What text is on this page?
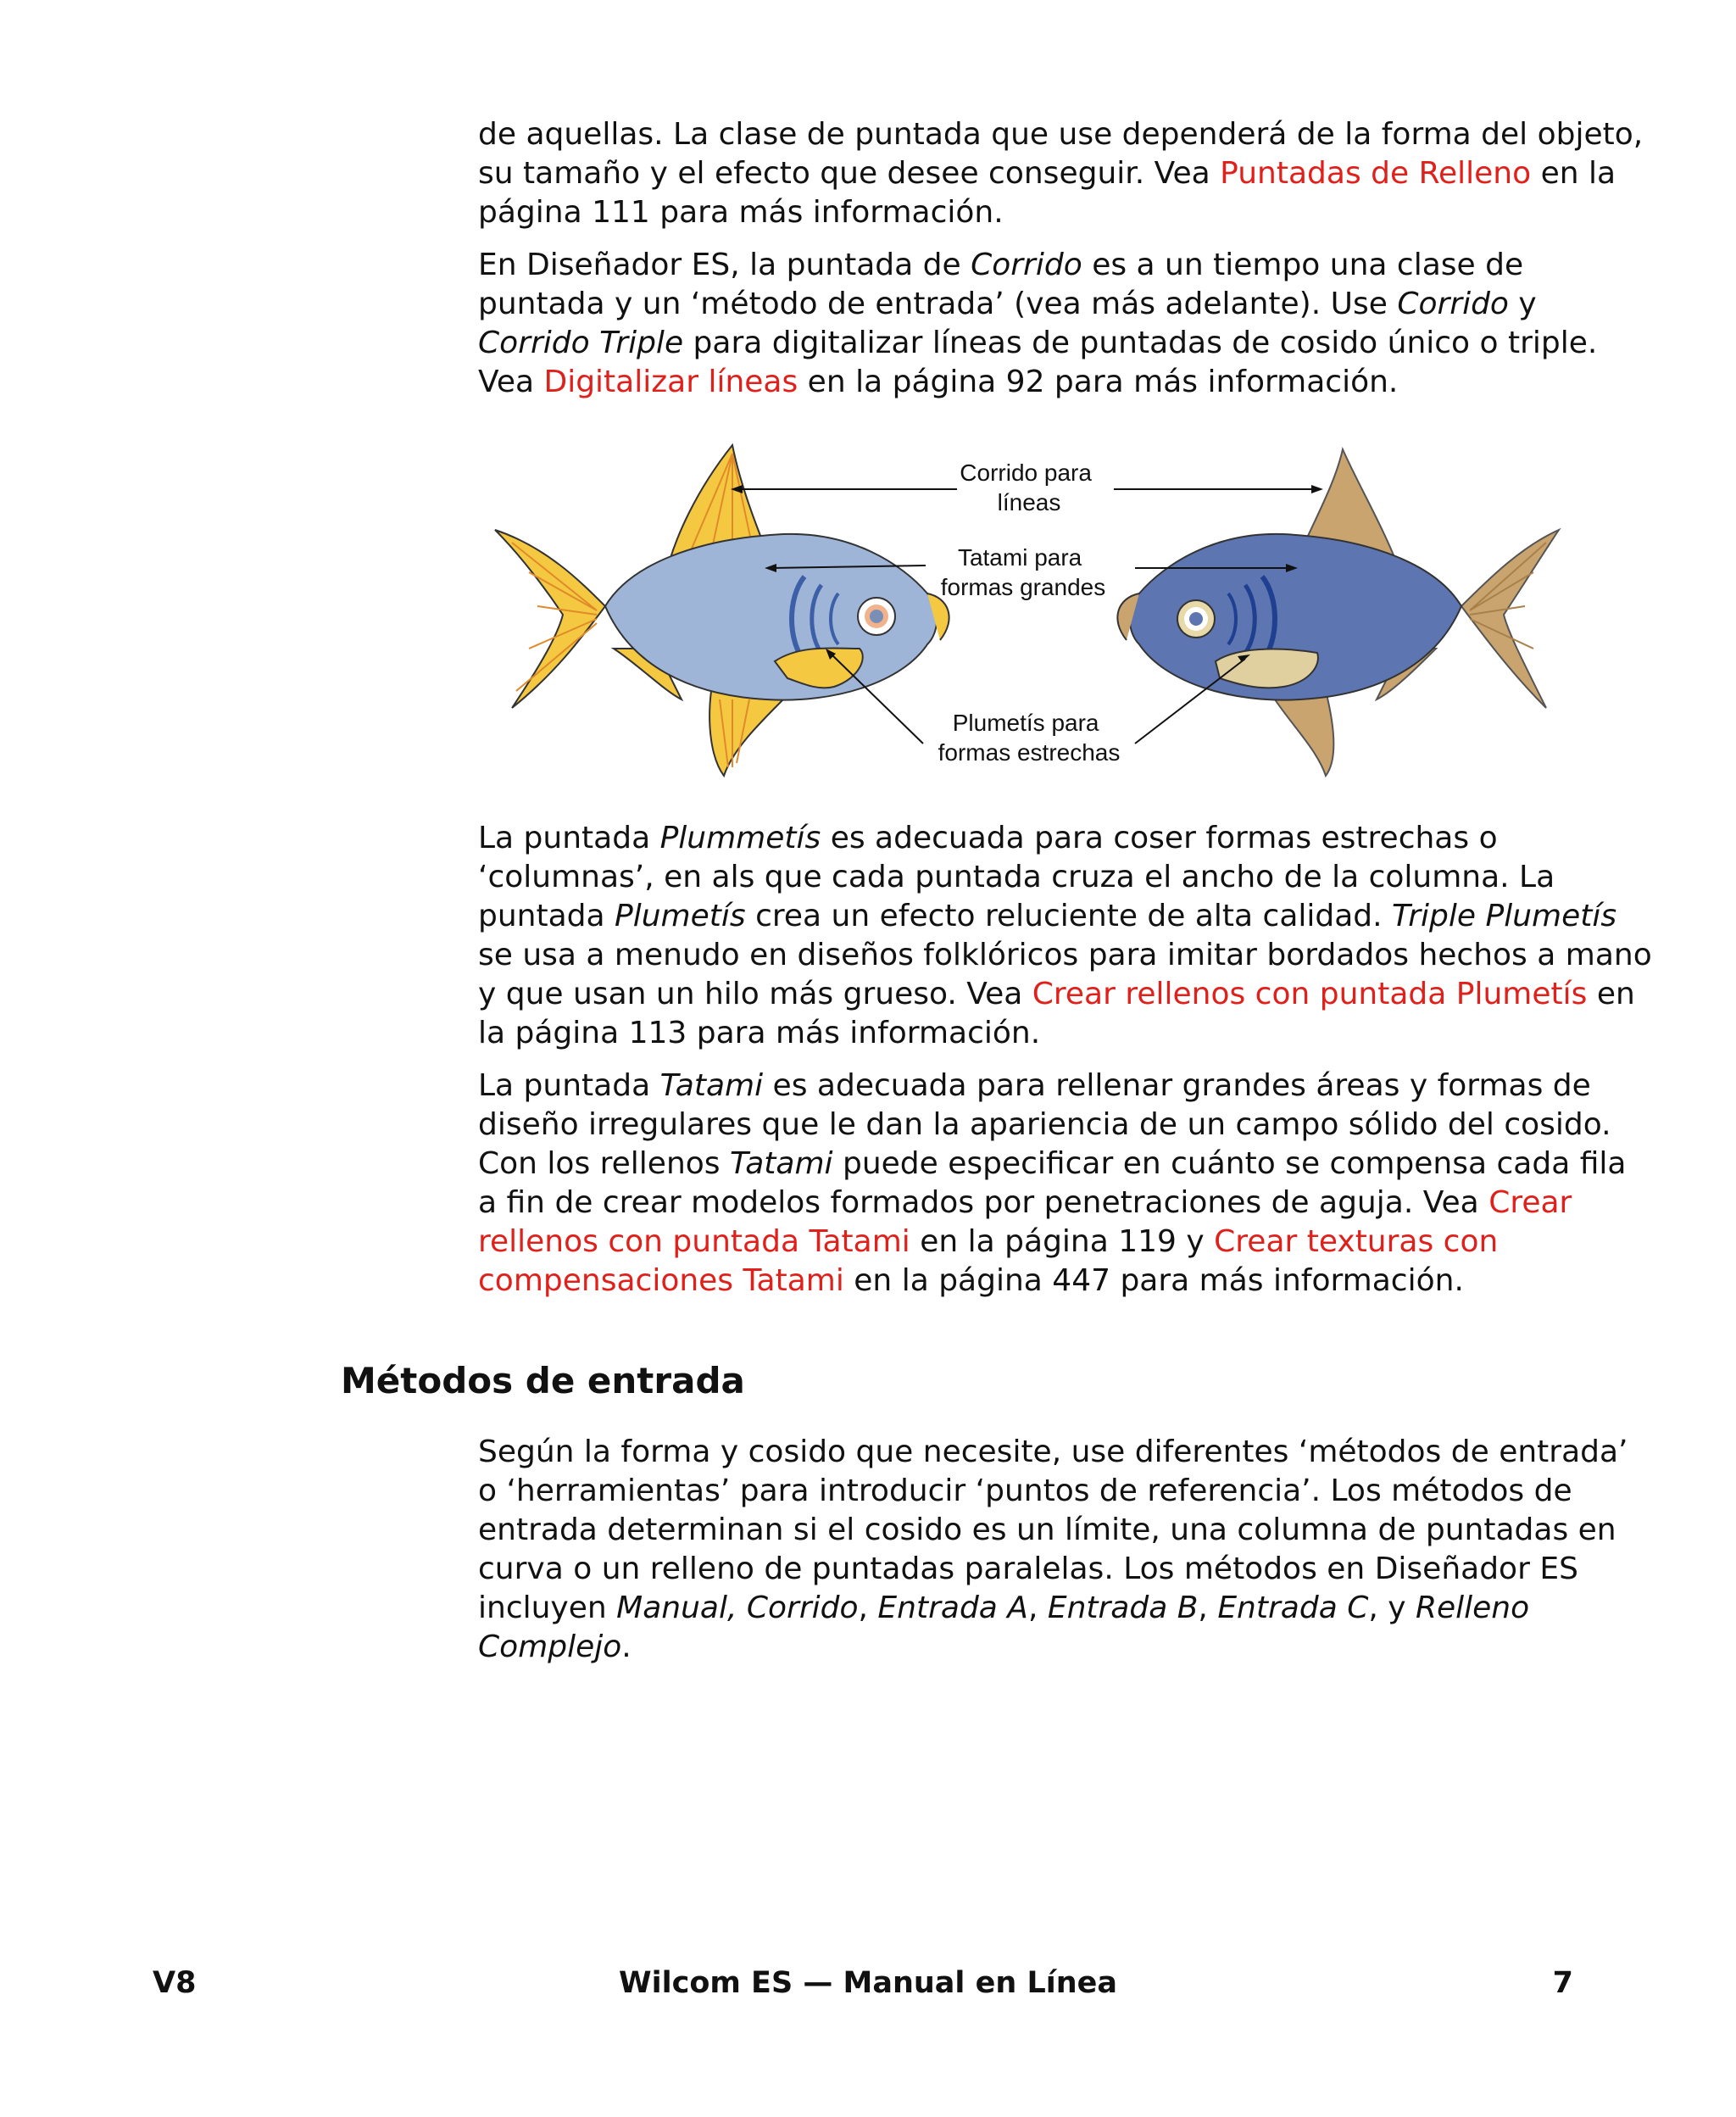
de aquellas. La clase de puntada que use dependerá de la forma del objeto,
su tamaño y el efecto que desee conseguir. Vea Puntadas de Relleno en la
página 111 para más información.
En Diseñador ES, la puntada de Corrido es a un tiempo una clase de
puntada y un ‘método de entrada’ (vea más adelante). Use Corrido y
Corrido Triple para digitalizar líneas de puntadas de cosido único o triple.
Vea Digitalizar líneas en la página 92 para más información.
Corrido para líneas
Tatami para formas grandes
Plumetís para formas estrechas
La puntada Plummetís es adecuada para coser formas estrechas o
‘columnas’, en als que cada puntada cruza el ancho de la columna. La
puntada Plumetís crea un efecto reluciente de alta calidad. Triple Plumetís
se usa a menudo en diseños folklóricos para imitar bordados hechos a mano
y que usan un hilo más grueso. Vea Crear rellenos con puntada Plumetís en
la página 113 para más información.
La puntada Tatami es adecuada para rellenar grandes áreas y formas de
diseño irregulares que le dan la apariencia de un campo sólido del cosido.
Con los rellenos Tatami puede especificar en cuánto se compensa cada fila
a fin de crear modelos formados por penetraciones de aguja. Vea Crear
rellenos con puntada Tatami en la página 119 y Crear texturas con
compensaciones Tatami en la página 447 para más información.
Métodos de entrada
Según la forma y cosido que necesite, use diferentes ‘métodos de entrada’
o ‘herramientas’ para introducir ‘puntos de referencia’. Los métodos de
entrada determinan si el cosido es un límite, una columna de puntadas en
curva o un relleno de puntadas paralelas. Los métodos en Diseñador ES
incluyen Manual, Corrido, Entrada A, Entrada B, Entrada C, y Relleno
Complejo.

V8	Wilcom ES — Manual en Línea	7
